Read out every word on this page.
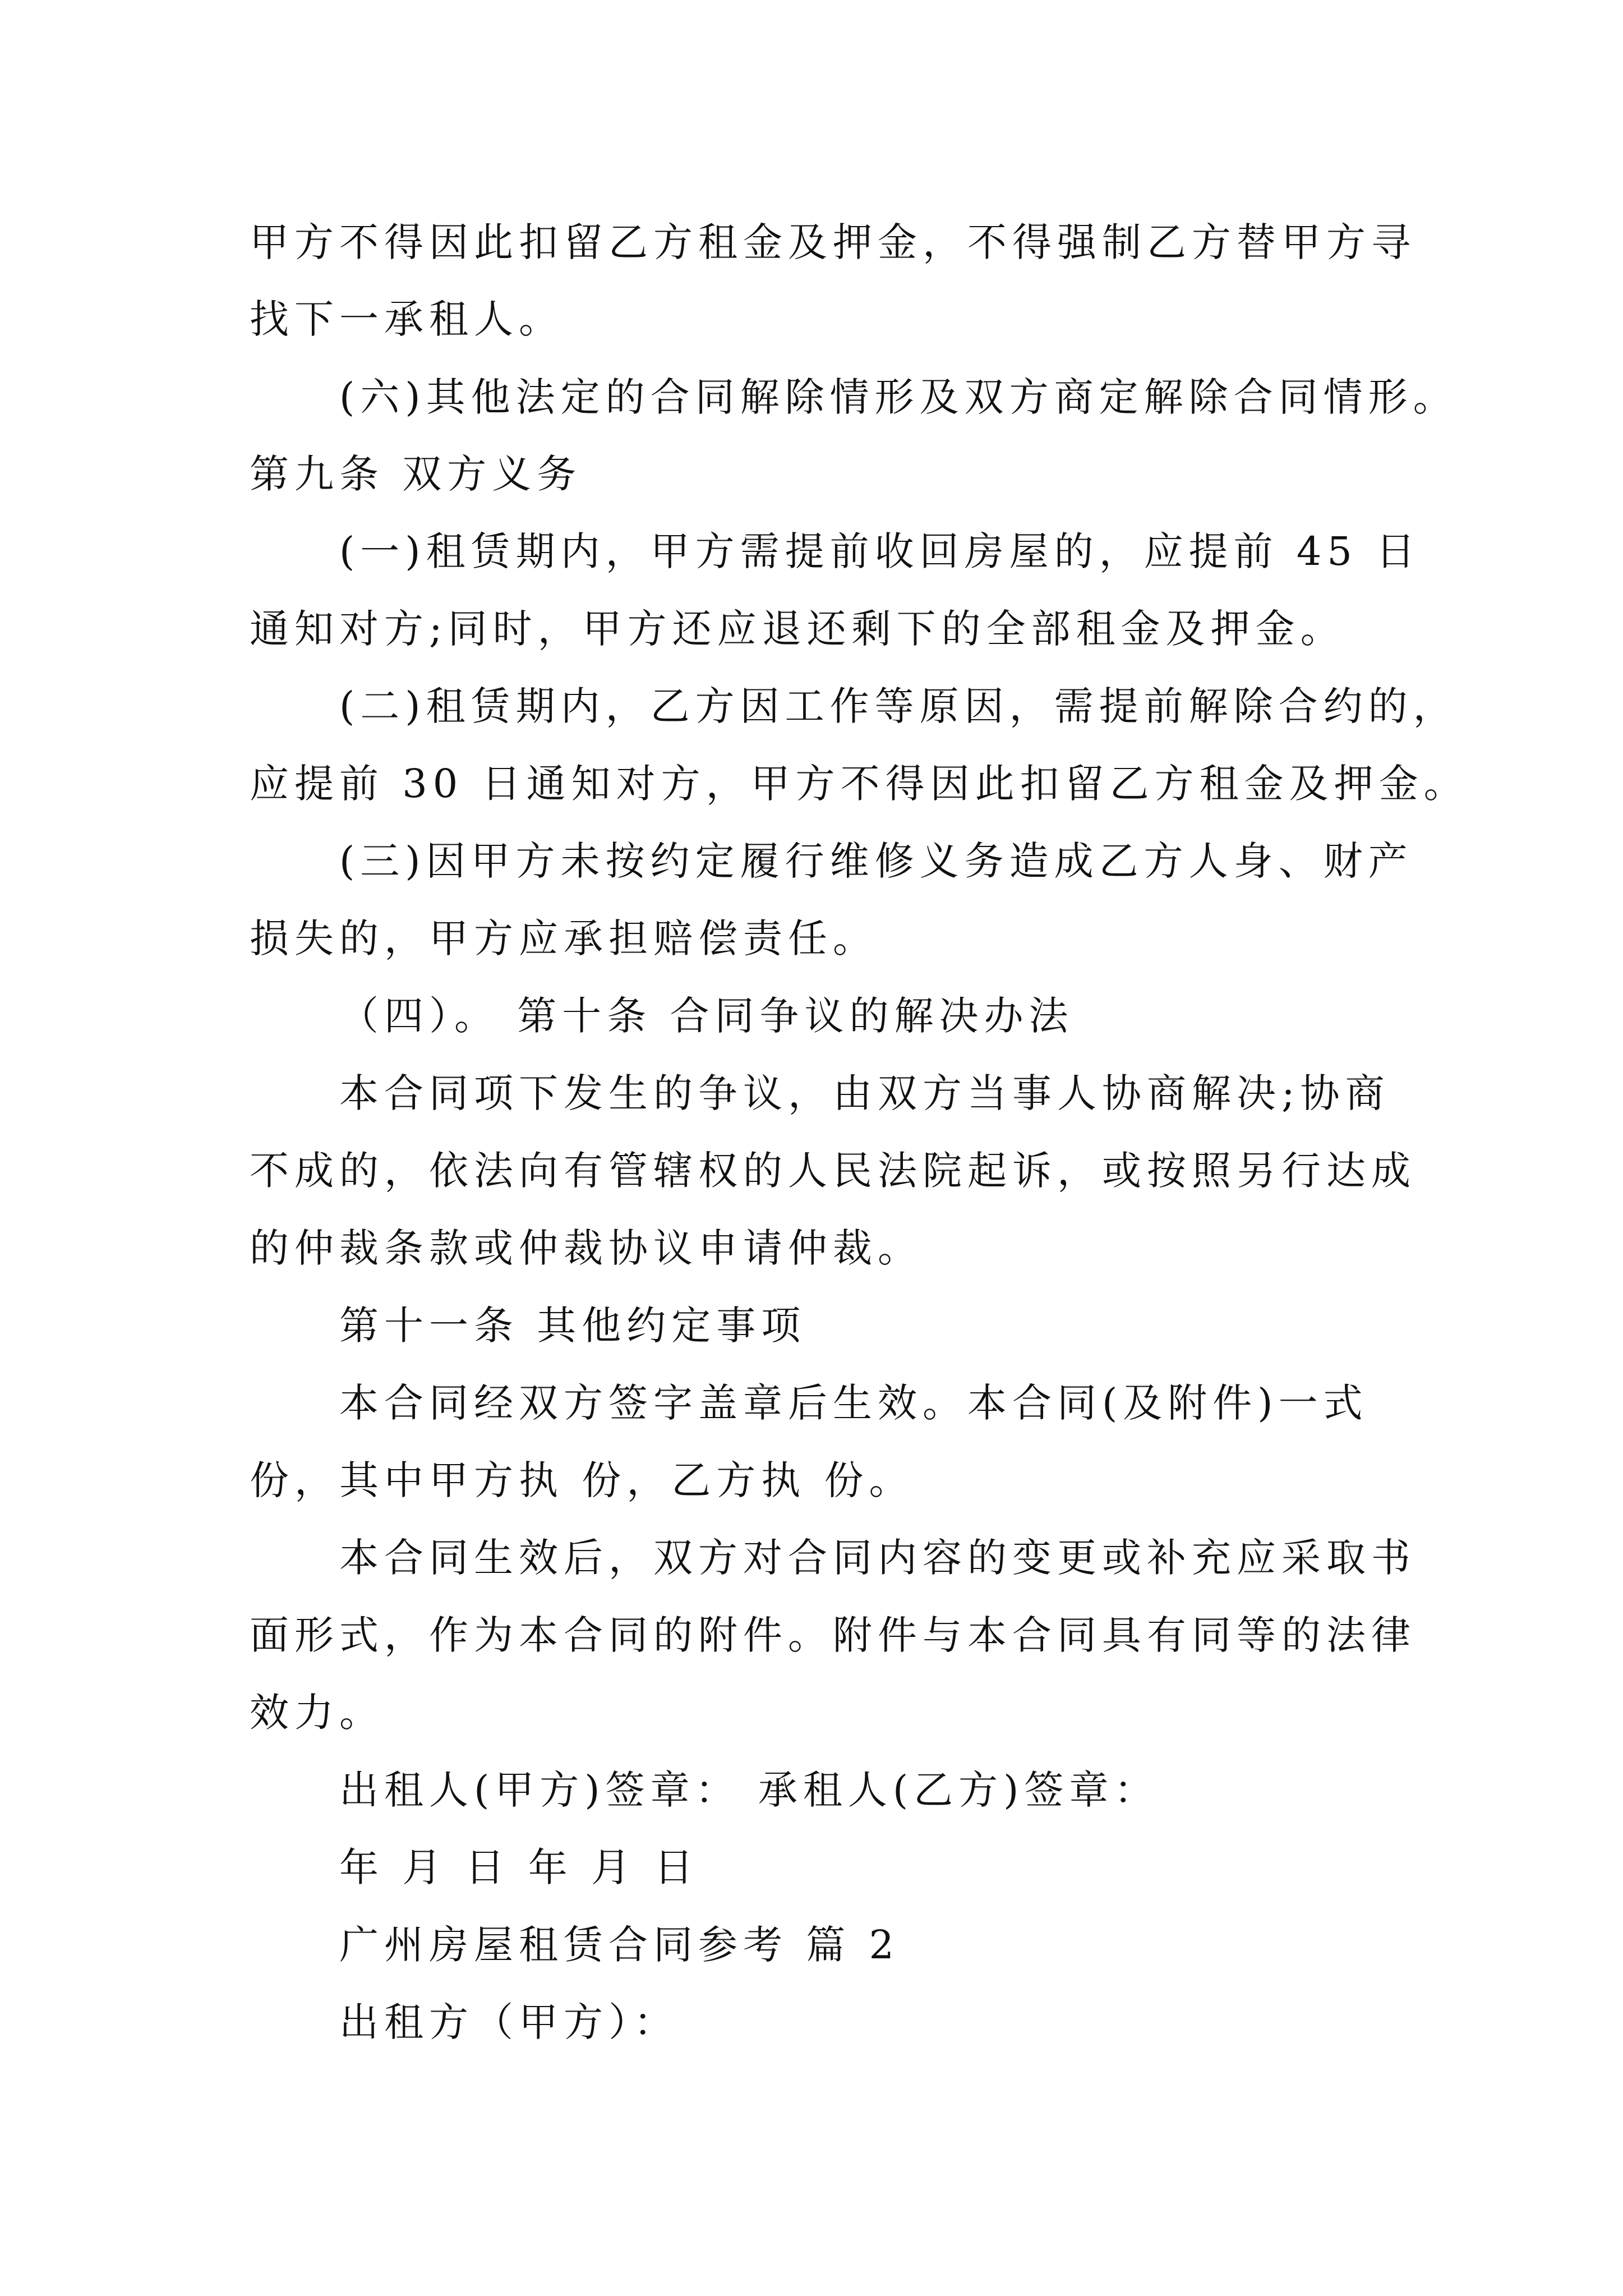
甲方不得因此扣留乙方租金及押金，不得强制乙方替甲方寻
找下一承租人。
(六)其他法定的合同解除情形及双方商定解除合同情形。
第九条 双方义务
(一)租赁期内，甲方需提前收回房屋的，应提前 45 日
通知对方;同时，甲方还应退还剩下的全部租金及押金。
(二)租赁期内，乙方因工作等原因，需提前解除合约的，
应提前 30 日通知对方，甲方不得因此扣留乙方租金及押金。
(三)因甲方未按约定履行维修义务造成乙方人身、财产
损失的，甲方应承担赔偿责任。
（四）。 第十条 合同争议的解决办法
本合同项下发生的争议，由双方当事人协商解决;协商
不成的，依法向有管辖权的人民法院起诉，或按照另行达成
的仲裁条款或仲裁协议申请仲裁。
第十一条 其他约定事项
本合同经双方签字盖章后生效。本合同(及附件)一式
份，其中甲方执 份，乙方执 份。
本合同生效后，双方对合同内容的变更或补充应采取书
面形式，作为本合同的附件。附件与本合同具有同等的法律
效力。
出租人(甲方)签章： 承租人(乙方)签章：
年 月 日 年 月 日
广州房屋租赁合同参考 篇 2
出租方（甲方）：
